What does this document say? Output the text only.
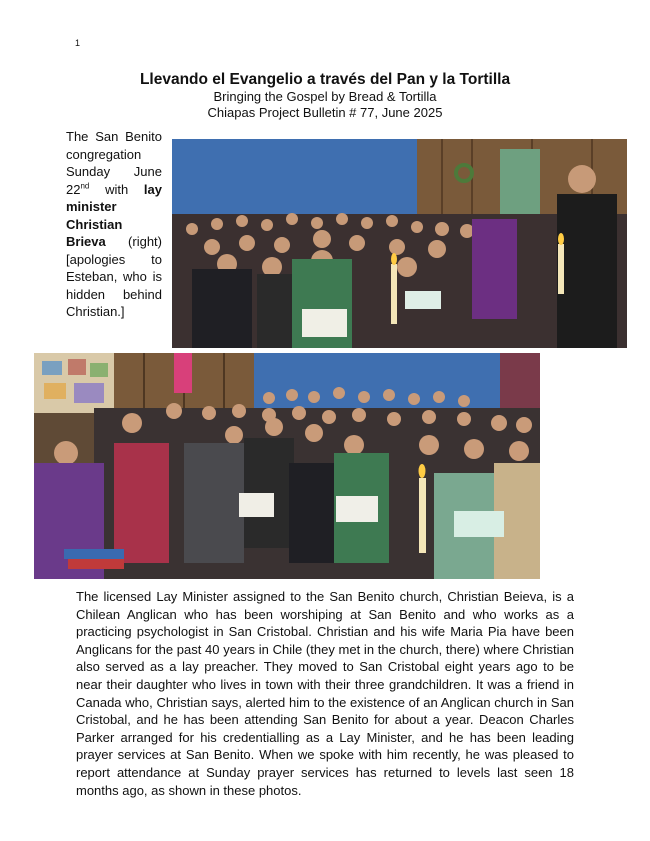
1
Llevando el Evangelio a través del Pan y la Tortilla
Bringing the Gospel by Bread & Tortilla
Chiapas Project Bulletin # 77, June 2025
The San Benito congregation Sunday June 22nd with lay minister Christian Brieva (right) [apologies to Esteban, who is hidden behind Christian.]
The licensed Lay Minister assigned to the San Benito church, Christian Beieva, is a Chilean Anglican who has been worshiping at San Benito and who works as a practicing psychologist in San Cristobal. Christian and his wife Maria Pia have been Anglicans for the past 40 years in Chile (they met in the church, there) where Christian also served as a lay preacher. They moved to San Cristobal eight years ago to be near their daughter who lives in town with their three grandchildren. It was a friend in Canada who, Christian says, alerted him to the existence of an Anglican church in San Cristobal, and he has been attending San Benito for about a year. Deacon Charles Parker arranged for his credentialling as a Lay Minister, and he has been leading prayer services at San Benito. When we spoke with him recently, he was pleased to report attendance at Sunday prayer services has returned to levels last seen 18 months ago, as shown in these photos.
